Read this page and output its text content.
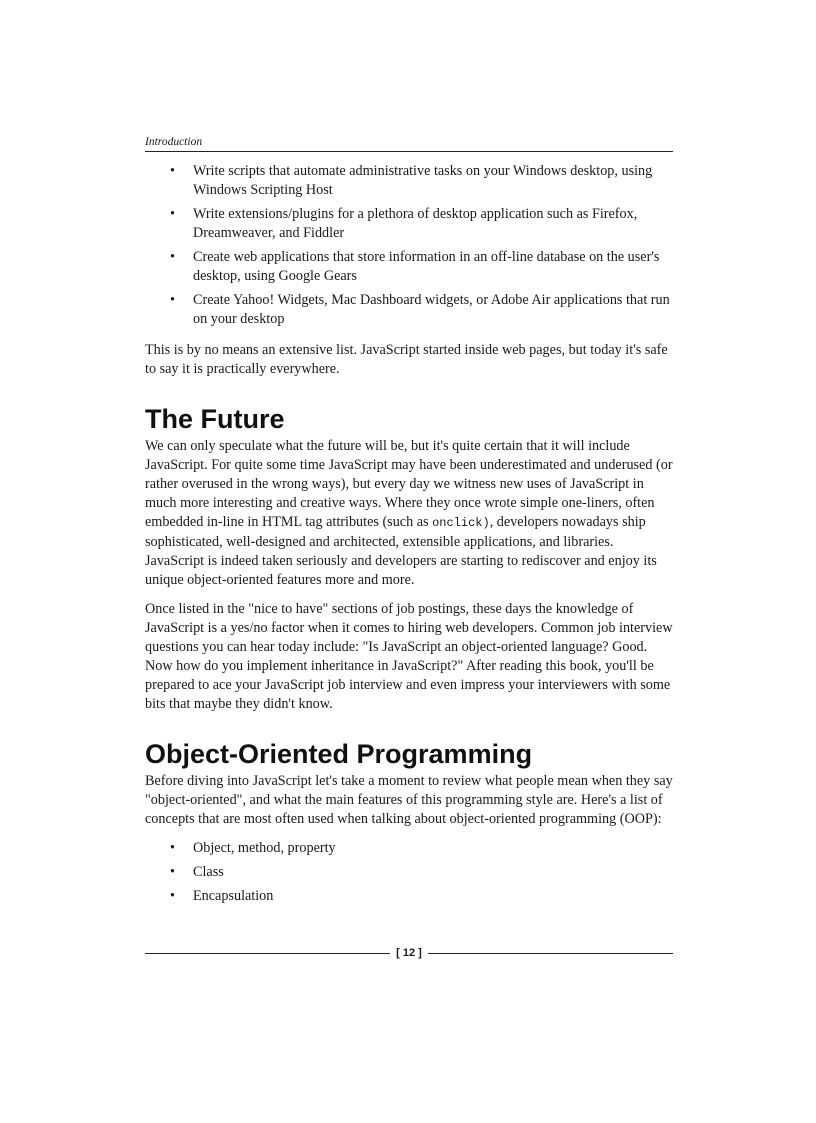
Introduction
• Write scripts that automate administrative tasks on your Windows desktop, using Windows Scripting Host
• Write extensions/plugins for a plethora of desktop application such as Firefox, Dreamweaver, and Fiddler
• Create web applications that store information in an off-line database on the user's desktop, using Google Gears
• Create Yahoo! Widgets, Mac Dashboard widgets, or Adobe Air applications that run on your desktop

This is by no means an extensive list. JavaScript started inside web pages, but today it's safe to say it is practically everywhere.

The Future

We can only speculate what the future will be, but it's quite certain that it will include JavaScript. For quite some time JavaScript may have been underestimated and underused (or rather overused in the wrong ways), but every day we witness new uses of JavaScript in much more interesting and creative ways. Where they once wrote simple one-liners, often embedded in-line in HTML tag attributes (such as onclick), developers nowadays ship sophisticated, well-designed and architected, extensible applications, and libraries. JavaScript is indeed taken seriously and developers are starting to rediscover and enjoy its unique object-oriented features more and more.

Once listed in the "nice to have" sections of job postings, these days the knowledge of JavaScript is a yes/no factor when it comes to hiring web developers. Common job interview questions you can hear today include: "Is JavaScript an object-oriented language? Good. Now how do you implement inheritance in JavaScript?" After reading this book, you'll be prepared to ace your JavaScript job interview and even impress your interviewers with some bits that maybe they didn't know.

Object-Oriented Programming

Before diving into JavaScript let's take a moment to review what people mean when they say "object-oriented", and what the main features of this programming style are. Here's a list of concepts that are most often used when talking about object-oriented programming (OOP):

• Object, method, property
• Class
• Encapsulation
[ 12 ]
